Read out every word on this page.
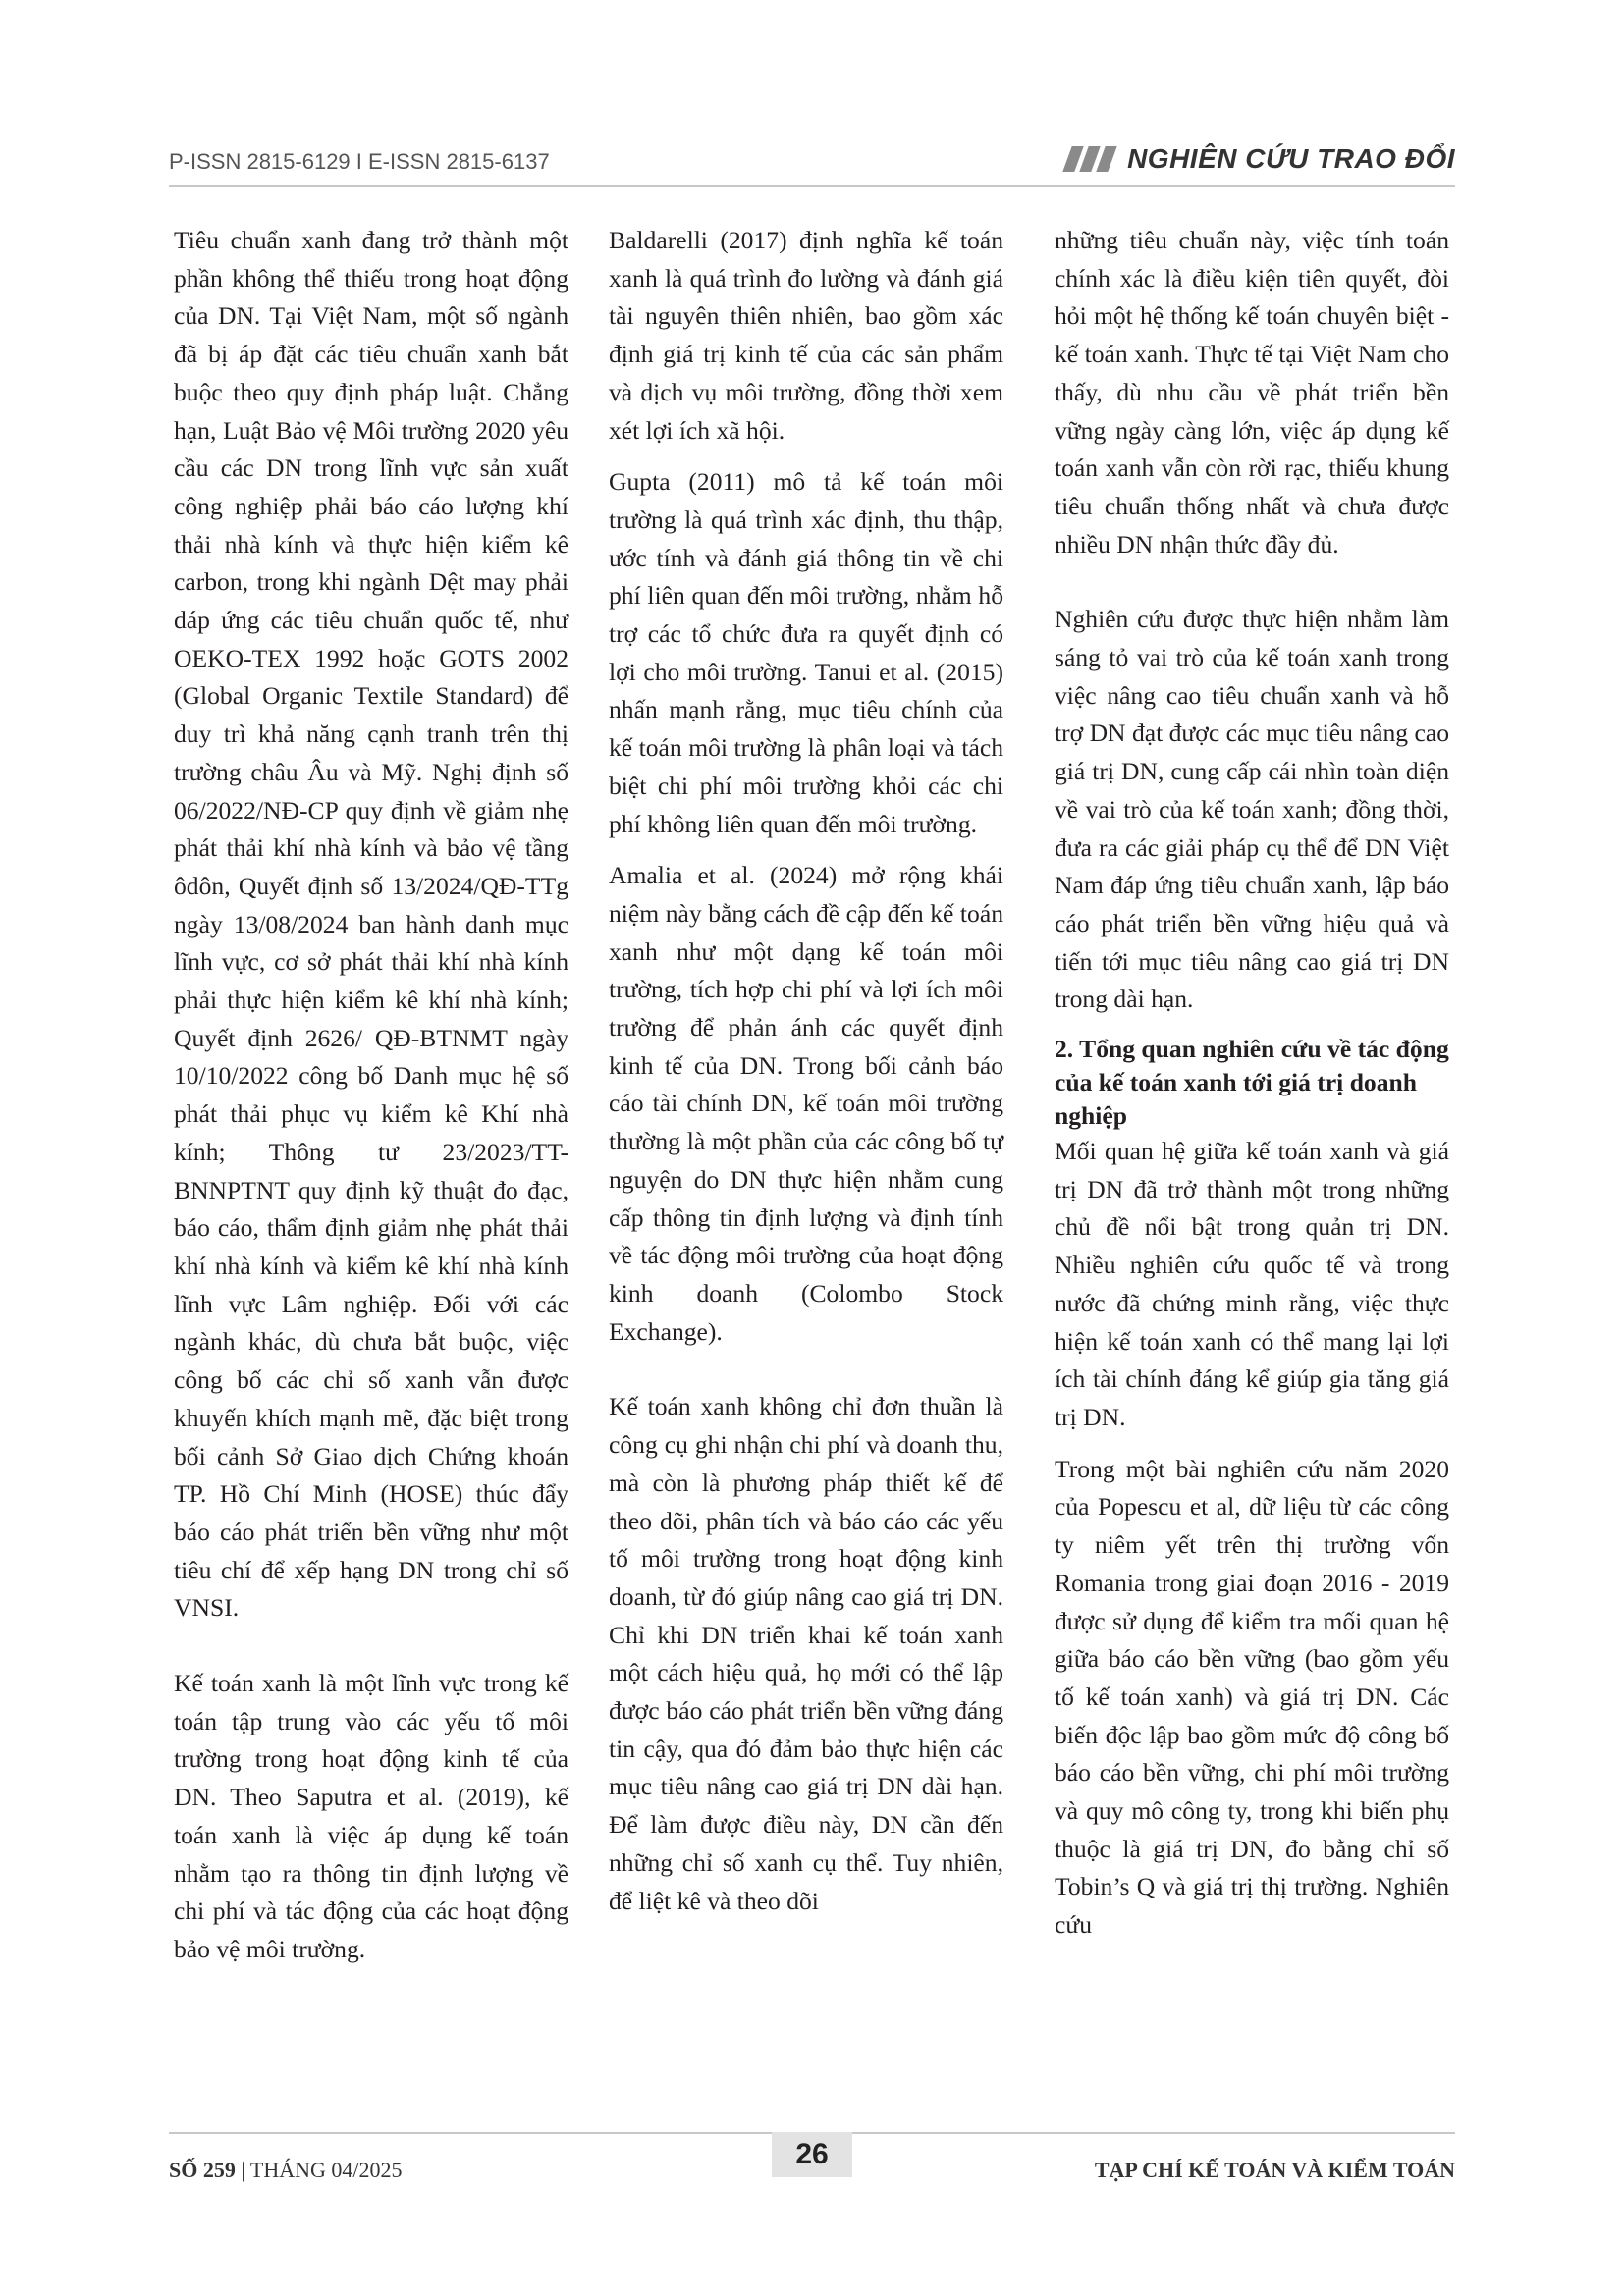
P-ISSN 2815-6129 I E-ISSN 2815-6137	NGHIÊN CỨU TRAO ĐỔI

Tiêu chuẩn xanh đang trở thành một phần không thể thiếu trong hoạt động của DN. Tại Việt Nam, một số ngành đã bị áp đặt các tiêu chuẩn xanh bắt buộc theo quy định pháp luật. Chẳng hạn, Luật Bảo vệ Môi trường 2020 yêu cầu các DN trong lĩnh vực sản xuất công nghiệp phải báo cáo lượng khí thải nhà kính và thực hiện kiểm kê carbon, trong khi ngành Dệt may phải đáp ứng các tiêu chuẩn quốc tế, như OEKO-TEX 1992 hoặc GOTS 2002 (Global Organic Textile Standard) để duy trì khả năng cạnh tranh trên thị trường châu Âu và Mỹ. Nghị định số 06/2022/NĐ-CP quy định về giảm nhẹ phát thải khí nhà kính và bảo vệ tầng ôdôn, Quyết định số 13/2024/QĐ-TTg ngày 13/08/2024 ban hành danh mục lĩnh vực, cơ sở phát thải khí nhà kính phải thực hiện kiểm kê khí nhà kính; Quyết định 2626/ QĐ-BTNMT ngày 10/10/2022 công bố Danh mục hệ số phát thải phục vụ kiểm kê Khí nhà kính; Thông tư 23/2023/TT-BNNPTNT quy định kỹ thuật đo đạc, báo cáo, thẩm định giảm nhẹ phát thải khí nhà kính và kiểm kê khí nhà kính lĩnh vực Lâm nghiệp. Đối với các ngành khác, dù chưa bắt buộc, việc công bố các chỉ số xanh vẫn được khuyến khích mạnh mẽ, đặc biệt trong bối cảnh Sở Giao dịch Chứng khoán TP. Hồ Chí Minh (HOSE) thúc đẩy báo cáo phát triển bền vững như một tiêu chí để xếp hạng DN trong chỉ số VNSI.

Kế toán xanh là một lĩnh vực trong kế toán tập trung vào các yếu tố môi trường trong hoạt động kinh tế của DN. Theo Saputra et al. (2019), kế toán xanh là việc áp dụng kế toán nhằm tạo ra thông tin định lượng về chi phí và tác động của các hoạt động bảo vệ môi trường.

Baldarelli (2017) định nghĩa kế toán xanh là quá trình đo lường và đánh giá tài nguyên thiên nhiên, bao gồm xác định giá trị kinh tế của các sản phẩm và dịch vụ môi trường, đồng thời xem xét lợi ích xã hội.

Gupta (2011) mô tả kế toán môi trường là quá trình xác định, thu thập, ước tính và đánh giá thông tin về chi phí liên quan đến môi trường, nhằm hỗ trợ các tổ chức đưa ra quyết định có lợi cho môi trường. Tanui et al. (2015) nhấn mạnh rằng, mục tiêu chính của kế toán môi trường là phân loại và tách biệt chi phí môi trường khỏi các chi phí không liên quan đến môi trường.

Amalia et al. (2024) mở rộng khái niệm này bằng cách đề cập đến kế toán xanh như một dạng kế toán môi trường, tích hợp chi phí và lợi ích môi trường để phản ánh các quyết định kinh tế của DN. Trong bối cảnh báo cáo tài chính DN, kế toán môi trường thường là một phần của các công bố tự nguyện do DN thực hiện nhằm cung cấp thông tin định lượng và định tính về tác động môi trường của hoạt động kinh doanh (Colombo Stock Exchange).

Kế toán xanh không chỉ đơn thuần là công cụ ghi nhận chi phí và doanh thu, mà còn là phương pháp thiết kế để theo dõi, phân tích và báo cáo các yếu tố môi trường trong hoạt động kinh doanh, từ đó giúp nâng cao giá trị DN. Chỉ khi DN triển khai kế toán xanh một cách hiệu quả, họ mới có thể lập được báo cáo phát triển bền vững đáng tin cậy, qua đó đảm bảo thực hiện các mục tiêu nâng cao giá trị DN dài hạn. Để làm được điều này, DN cần đến những chỉ số xanh cụ thể. Tuy nhiên, để liệt kê và theo dõi

những tiêu chuẩn này, việc tính toán chính xác là điều kiện tiên quyết, đòi hỏi một hệ thống kế toán chuyên biệt - kế toán xanh. Thực tế tại Việt Nam cho thấy, dù nhu cầu về phát triển bền vững ngày càng lớn, việc áp dụng kế toán xanh vẫn còn rời rạc, thiếu khung tiêu chuẩn thống nhất và chưa được nhiều DN nhận thức đầy đủ.

Nghiên cứu được thực hiện nhằm làm sáng tỏ vai trò của kế toán xanh trong việc nâng cao tiêu chuẩn xanh và hỗ trợ DN đạt được các mục tiêu nâng cao giá trị DN, cung cấp cái nhìn toàn diện về vai trò của kế toán xanh; đồng thời, đưa ra các giải pháp cụ thể để DN Việt Nam đáp ứng tiêu chuẩn xanh, lập báo cáo phát triển bền vững hiệu quả và tiến tới mục tiêu nâng cao giá trị DN trong dài hạn.

2. Tổng quan nghiên cứu về tác động của kế toán xanh tới giá trị doanh nghiệp

Mối quan hệ giữa kế toán xanh và giá trị DN đã trở thành một trong những chủ đề nổi bật trong quản trị DN. Nhiều nghiên cứu quốc tế và trong nước đã chứng minh rằng, việc thực hiện kế toán xanh có thể mang lại lợi ích tài chính đáng kể giúp gia tăng giá trị DN.

Trong một bài nghiên cứu năm 2020 của Popescu et al, dữ liệu từ các công ty niêm yết trên thị trường vốn Romania trong giai đoạn 2016 - 2019 được sử dụng để kiểm tra mối quan hệ giữa báo cáo bền vững (bao gồm yếu tố kế toán xanh) và giá trị DN. Các biến độc lập bao gồm mức độ công bố báo cáo bền vững, chi phí môi trường và quy mô công ty, trong khi biến phụ thuộc là giá trị DN, đo bằng chỉ số Tobin’s Q và giá trị thị trường. Nghiên cứu

SỐ 259 | THÁNG 04/2025	26	TẠP CHÍ KẾ TOÁN VÀ KIỂM TOÁN
